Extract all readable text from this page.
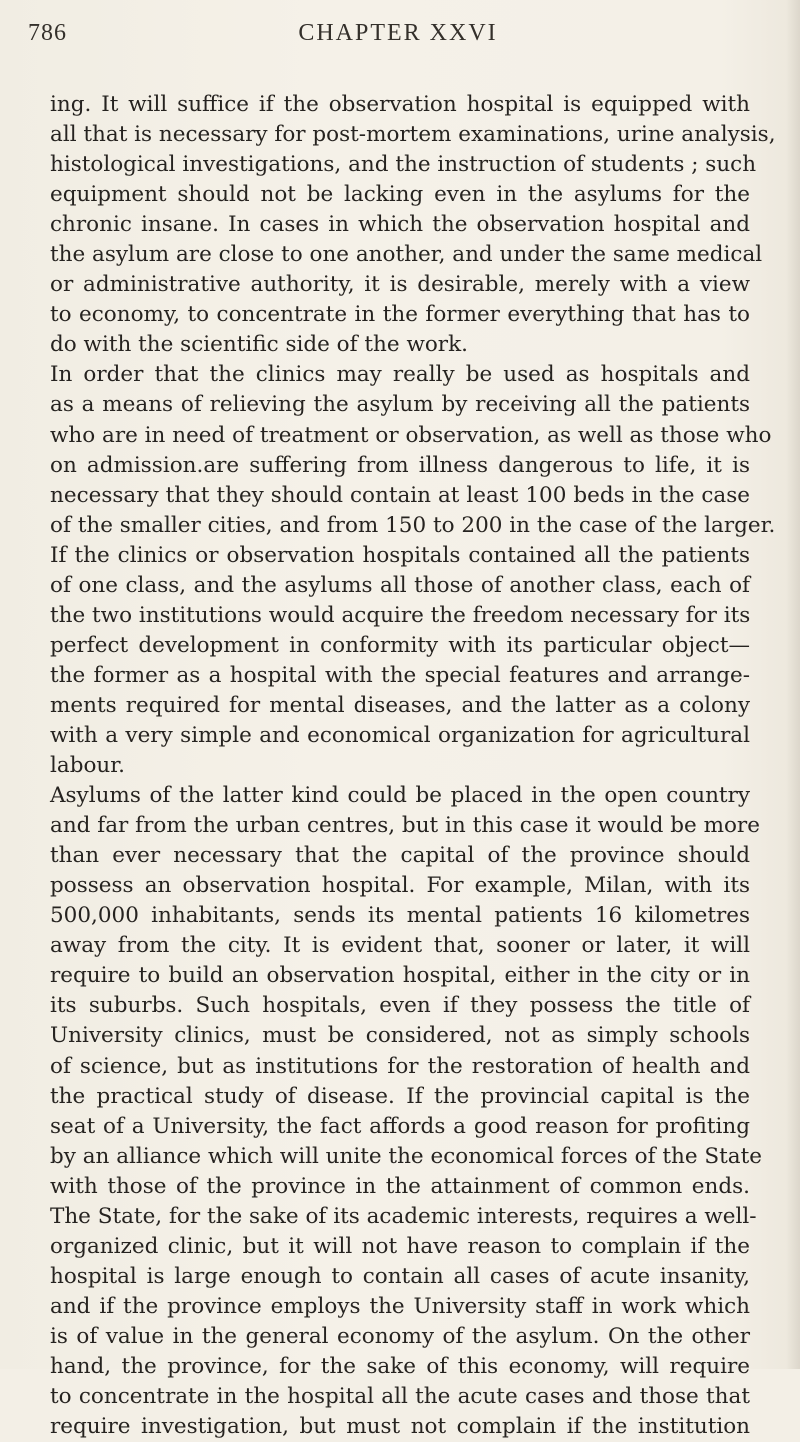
786	CHAPTER XXVI
ing. It will suffice if the observation hospital is equipped with
all that is necessary for post-mortem examinations, urine analysis,
histological investigations, and the instruction of students ; such
equipment should not be lacking even in the asylums for the
chronic insane. In cases in which the observation hospital and
the asylum are close to one another, and under the same medical
or administrative authority, it is desirable, merely with a view
to economy, to concentrate in the former everything that has to
do with the scientific side of the work.
In order that the clinics may really be used as hospitals and
as a means of relieving the asylum by receiving all the patients
who are in need of treatment or observation, as well as those who
on admission.are suffering from illness dangerous to life, it is
necessary that they should contain at least 100 beds in the case
of the smaller cities, and from 150 to 200 in the case of the larger.
If the clinics or observation hospitals contained all the patients
of one class, and the asylums all those of another class, each of
the two institutions would acquire the freedom necessary for its
perfect development in conformity with its particular object—
the former as a hospital with the special features and arrange-
ments required for mental diseases, and the latter as a colony
with a very simple and economical organization for agricultural
labour.
Asylums of the latter kind could be placed in the open country
and far from the urban centres, but in this case it would be more
than ever necessary that the capital of the province should
possess an observation hospital. For example, Milan, with its
500,000 inhabitants, sends its mental patients 16 kilometres
away from the city. It is evident that, sooner or later, it will
require to build an observation hospital, either in the city or in
its suburbs. Such hospitals, even if they possess the title of
University clinics, must be considered, not as simply schools
of science, but as institutions for the restoration of health and
the practical study of disease. If the provincial capital is the
seat of a University, the fact affords a good reason for profiting
by an alliance which will unite the economical forces of the State
with those of the province in the attainment of common ends.
The State, for the sake of its academic interests, requires a well-
organized clinic, but it will not have reason to complain if the
hospital is large enough to contain all cases of acute insanity,
and if the province employs the University staff in work which
is of value in the general economy of the asylum. On the other
hand, the province, for the sake of this economy, will require
to concentrate in the hospital all the acute cases and those that
require investigation, but must not complain if the institution
